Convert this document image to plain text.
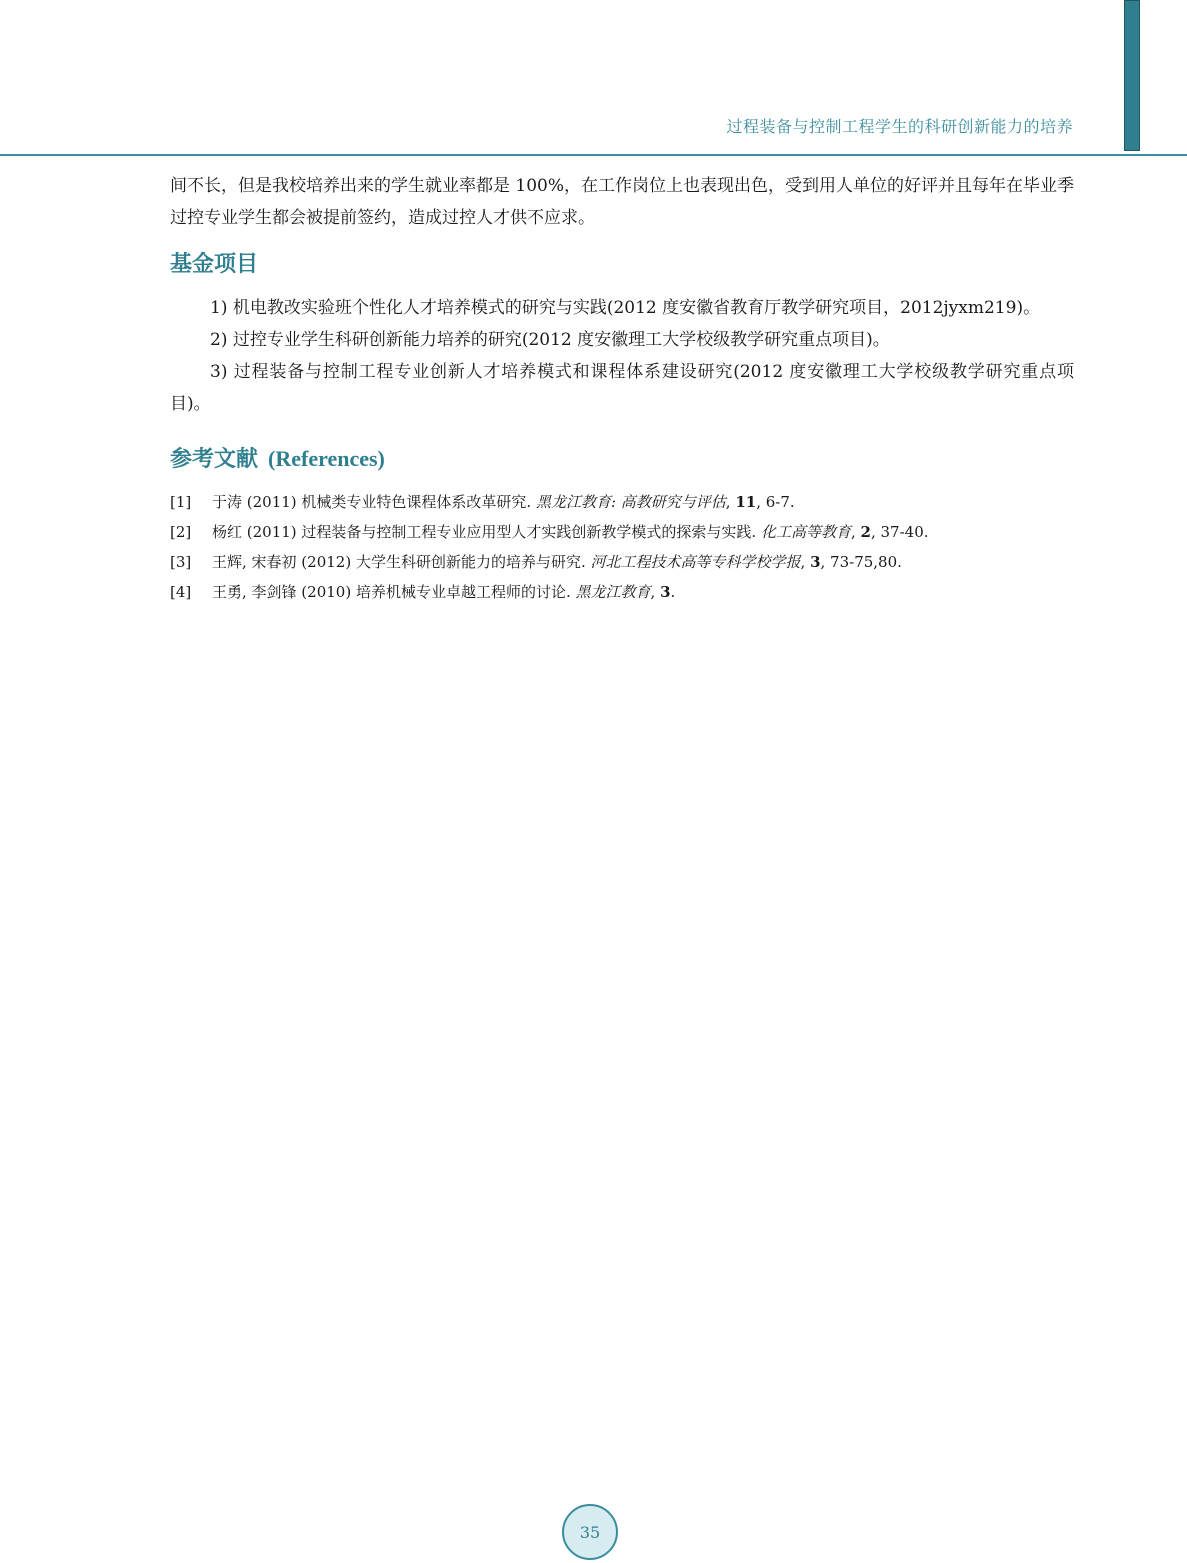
过程装备与控制工程学生的科研创新能力的培养

间不长，但是我校培养出来的学生就业率都是 100%，在工作岗位上也表现出色，受到用人单位的好评并且每年在毕业季过控专业学生都会被提前签约，造成过控人才供不应求。

基金项目

1) 机电教改实验班个性化人才培养模式的研究与实践(2012 度安徽省教育厅教学研究项目，2012jyxm219)。

2) 过控专业学生科研创新能力培养的研究(2012 度安徽理工大学校级教学研究重点项目)。

3) 过程装备与控制工程专业创新人才培养模式和课程体系建设研究(2012 度安徽理工大学校级教学研究重点项目)。

参考文献 (References)
[1]	于涛 (2011) 机械类专业特色课程体系改革研究. 黑龙江教育: 高教研究与评估, 11, 6-7.
[2]	杨红 (2011) 过程装备与控制工程专业应用型人才实践创新教学模式的探索与实践. 化工高等教育, 2, 37-40.
[3]	王辉, 宋春初 (2012) 大学生科研创新能力的培养与研究. 河北工程技术高等专科学校学报, 3, 73-75,80.
[4]	王勇, 李剑锋 (2010) 培养机械专业卓越工程师的讨论. 黑龙江教育, 3.
35
